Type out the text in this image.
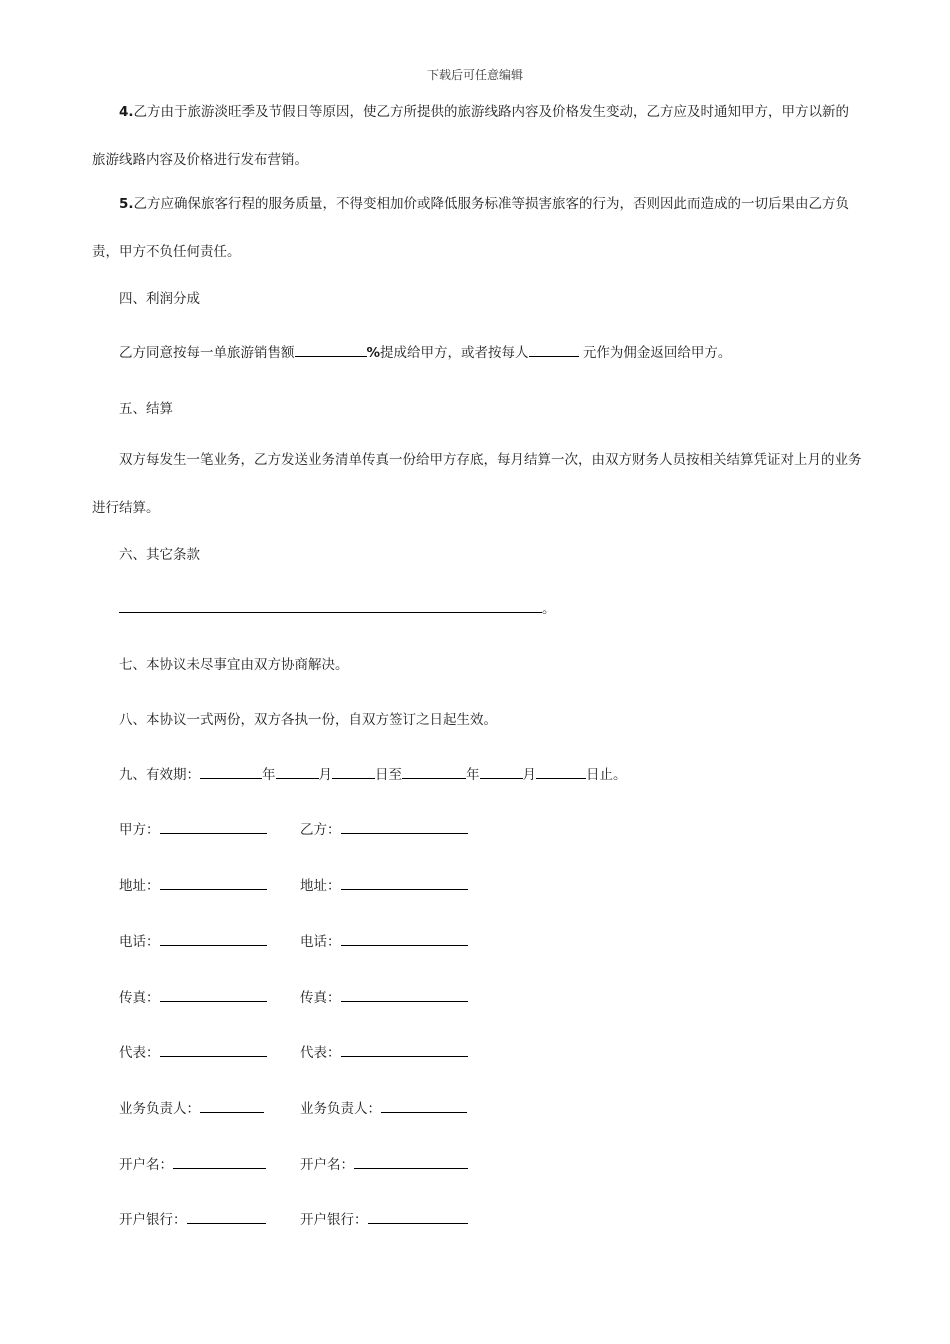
下载后可任意编辑
4.乙方由于旅游淡旺季及节假日等原因，使乙方所提供的旅游线路内容及价格发生变动，乙方应及时通知甲方，甲方以新的旅游线路内容及价格进行发布营销。
5.乙方应确保旅客行程的服务质量，不得变相加价或降低服务标准等损害旅客的行为，否则因此而造成的一切后果由乙方负责，甲方不负任何责任。
四、利润分成
乙方同意按每一单旅游销售额	%提成给甲方，或者按每人	元作为佣金返回给甲方。
五、结算
双方每发生一笔业务，乙方发送业务清单传真一份给甲方存底，每月结算一次，由双方财务人员按相关结算凭证对上月的业务进行结算。
六、其它条款
。
七、本协议未尽事宜由双方协商解决。
八、本协议一式两份，双方各执一份，自双方签订之日起生效。
九、有效期：	年	月	日至	年	月	日止。
甲方：	乙方：
地址：	地址：
电话：	电话：
传真：	传真：
代表：	代表：
业务负责人：	业务负责人：
开户名：	开户名：
开户银行：	开户银行：
